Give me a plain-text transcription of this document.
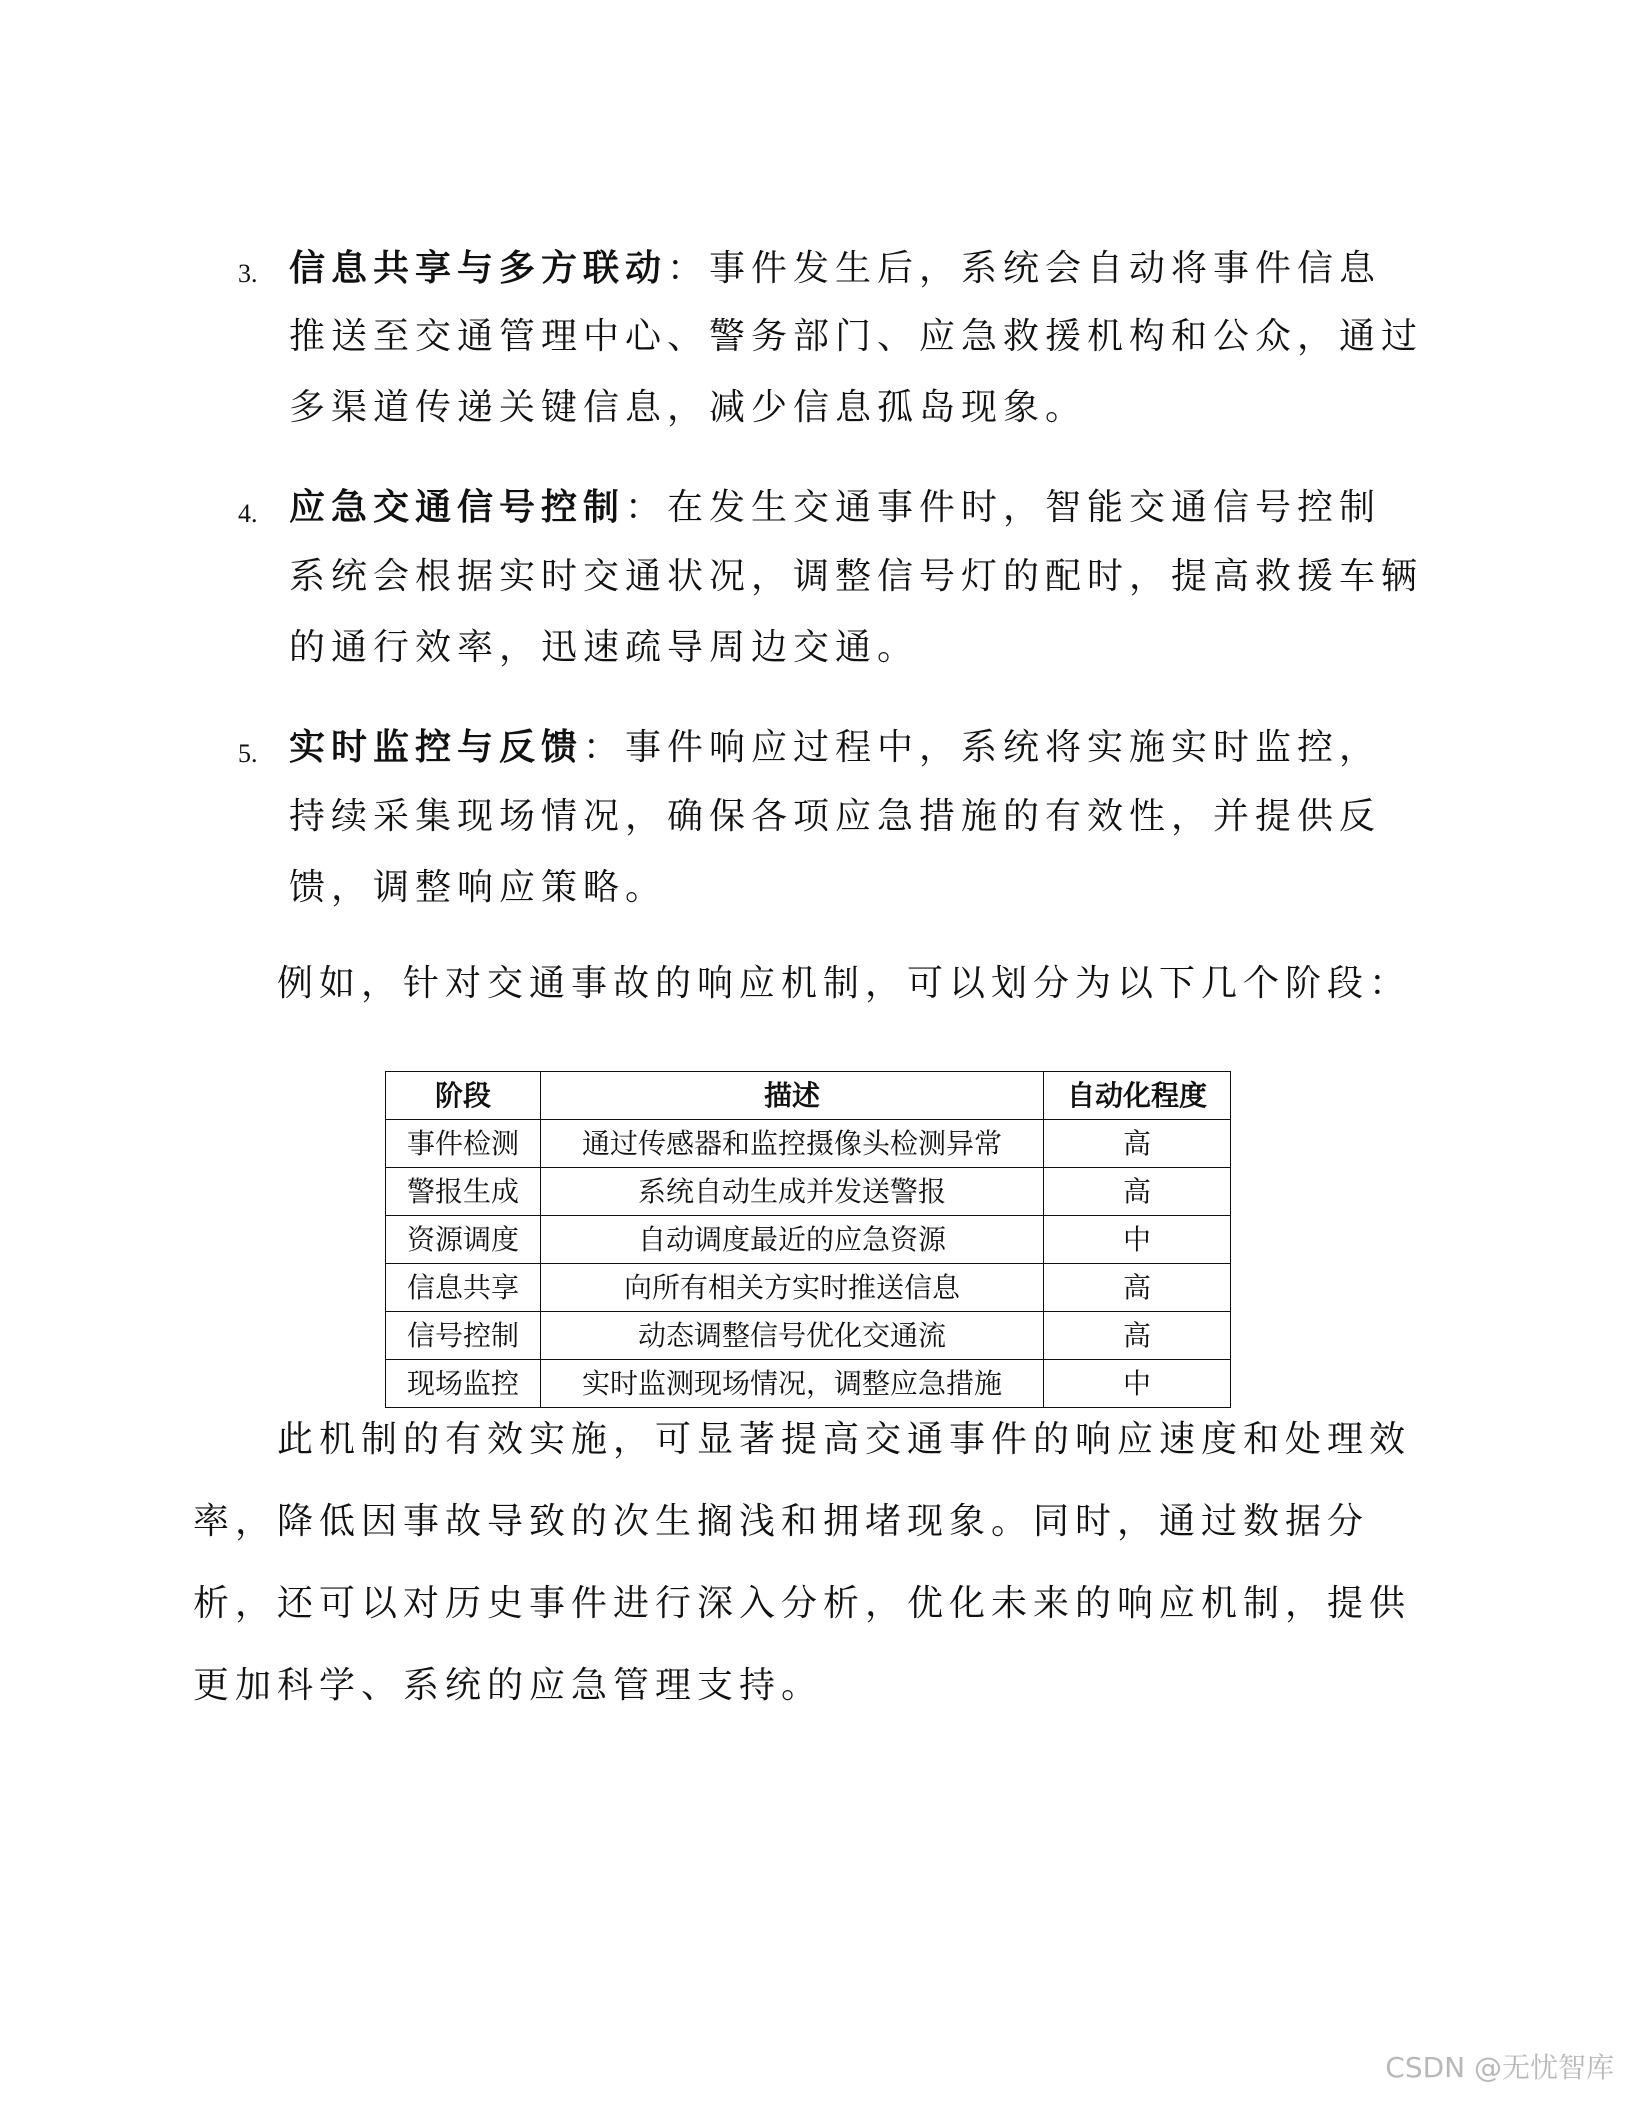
3. 信息共享与多方联动：事件发生后，系统会自动将事件信息
推送至交通管理中心、警务部门、应急救援机构和公众，通过
多渠道传递关键信息，减少信息孤岛现象。
4. 应急交通信号控制：在发生交通事件时，智能交通信号控制
系统会根据实时交通状况，调整信号灯的配时，提高救援车辆
的通行效率，迅速疏导周边交通。
5. 实时监控与反馈：事件响应过程中，系统将实施实时监控，
持续采集现场情况，确保各项应急措施的有效性，并提供反
馈，调整响应策略。
例如，针对交通事故的响应机制，可以划分为以下几个阶段：
阶段	描述	自动化程度
事件检测	通过传感器和监控摄像头检测异常	高
警报生成	系统自动生成并发送警报	高
资源调度	自动调度最近的应急资源	中
信息共享	向所有相关方实时推送信息	高
信号控制	动态调整信号优化交通流	高
现场监控	实时监测现场情况，调整应急措施	中
此机制的有效实施，可显著提高交通事件的响应速度和处理效
率，降低因事故导致的次生搁浅和拥堵现象。同时，通过数据分
析，还可以对历史事件进行深入分析，优化未来的响应机制，提供
更加科学、系统的应急管理支持。
CSDN @无忧智库
